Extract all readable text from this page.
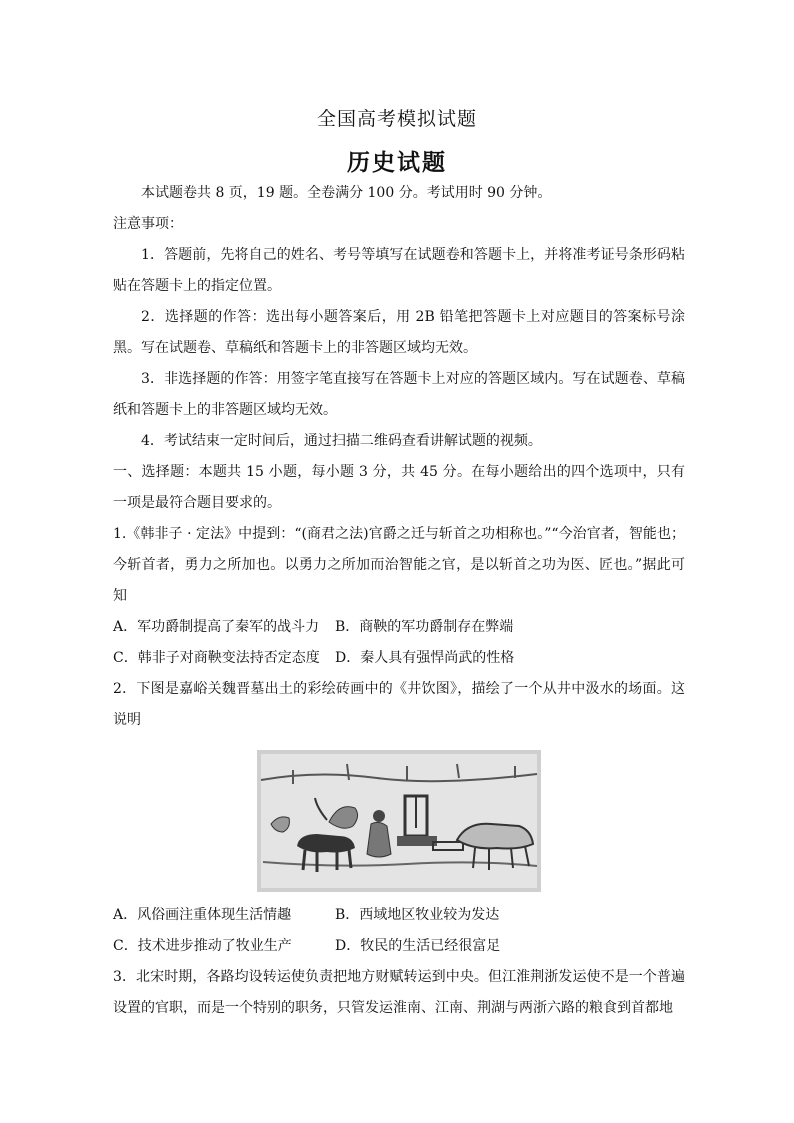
全国高考模拟试题
历史试题

本试题卷共 8 页，19 题。全卷满分 100 分。考试用时 90 分钟。

注意事项：

1．答题前，先将自己的姓名、考号等填写在试题卷和答题卡上，并将准考证号条形码粘贴在答题卡上的指定位置。

2．选择题的作答：选出每小题答案后，用 2B 铅笔把答题卡上对应题目的答案标号涂黑。写在试题卷、草稿纸和答题卡上的非答题区域均无效。

3．非选择题的作答：用签字笔直接写在答题卡上对应的答题区域内。写在试题卷、草稿纸和答题卡上的非答题区域均无效。

4．考试结束一定时间后，通过扫描二维码查看讲解试题的视频。

一、选择题：本题共 15 小题，每小题 3 分，共 45 分。在每小题给出的四个选项中，只有一项是最符合题目要求的。

1.《韩非子 · 定法》中提到：“(商君之法)官爵之迁与斩首之功相称也。”“今治官者，智能也；今斩首者，勇力之所加也。以勇力之所加而治智能之官，是以斩首之功为医、匠也。”据此可知

A．军功爵制提高了秦军的战斗力	B．商鞅的军功爵制存在弊端
C．韩非子对商鞅变法持否定态度	D．秦人具有强悍尚武的性格

2．下图是嘉峪关魏晋墓出土的彩绘砖画中的《井饮图》，描绘了一个从井中汲水的场面。这说明

A．风俗画注重体现生活情趣	B．西域地区牧业较为发达
C．技术进步推动了牧业生产	D．牧民的生活已经很富足

3．北宋时期，各路均设转运使负责把地方财赋转运到中央。但江淮荆浙发运使不是一个普遍设置的官职，而是一个特别的职务，只管发运淮南、江南、荆湖与两浙六路的粮食到首都地
